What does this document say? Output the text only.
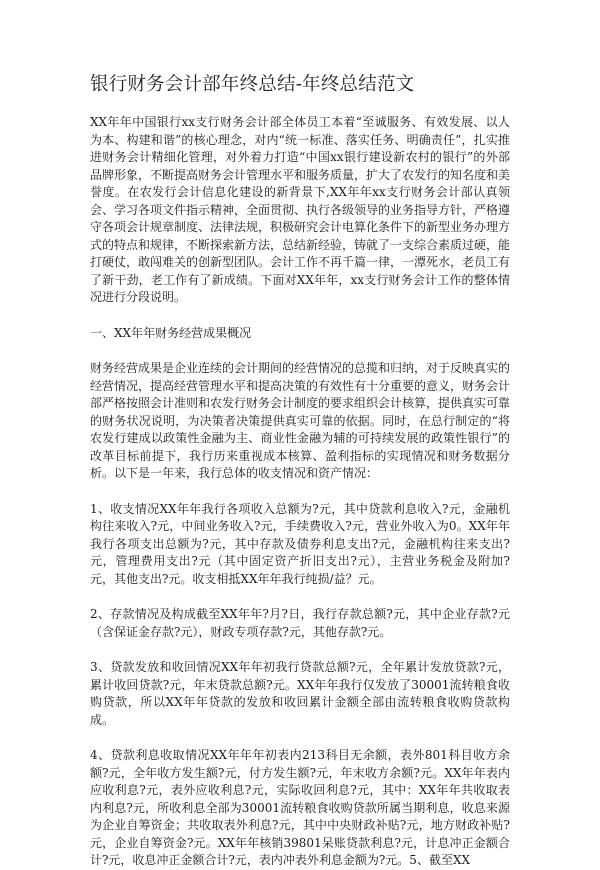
银行财务会计部年终总结-年终总结范文

XX年年中国银行xx支行财务会计部全体员工本着“至诚服务、有效发展、以人为本、构建和谐”的核心理念，对内“统一标准、落实任务、明确责任”，扎实推进财务会计精细化管理，对外着力打造“中国xx银行建设新农村的银行”的外部品牌形象，不断提高财务会计管理水平和服务质量，扩大了农发行的知名度和美誉度。在农发行会计信息化建设的新背景下,XX年年xx支行财务会计部认真领会、学习各项文件指示精神，全面贯彻、执行各级领导的业务指导方针，严格遵守各项会计规章制度、法律法规，积极研究会计电算化条件下的新型业务办理方式的特点和规律，不断探索新方法，总结新经验，铸就了一支综合素质过硬，能打硬仗，敢闯难关的创新型团队。会计工作不再千篇一律，一潭死水，老员工有了新干劲，老工作有了新成绩。下面对XX年年，xx支行财务会计工作的整体情况进行分段说明。

一、XX年年财务经营成果概况

财务经营成果是企业连续的会计期间的经营情况的总揽和归纳，对于反映真实的经营情况，提高经营管理水平和提高决策的有效性有十分重要的意义，财务会计部严格按照会计准则和农发行财务会计制度的要求组织会计核算，提供真实可靠的财务状况说明，为决策者决策提供真实可靠的依据。同时，在总行制定的“将农发行建成以政策性金融为主、商业性金融为辅的可持续发展的政策性银行”的改革目标前提下，我行历来重视成本核算、盈利指标的实现情况和财务数据分析。以下是一年来，我行总体的收支情况和资产情况：

1、收支情况XX年年我行各项收入总额为?元，其中贷款利息收入?元，金融机构往来收入?元，中间业务收入?元，手续费收入?元，营业外收入为0。XX年年我行各项支出总额为?元，其中存款及债券利息支出?元，金融机构往来支出?元，管理费用支出?元（其中固定资产折旧支出?元），主营业务税金及附加?元，其他支出?元。收支相抵XX年年我行纯损/益？元。

2、存款情况及构成截至XX年年?月?日，我行存款总额?元，其中企业存款?元（含保证金存款?元），财政专项存款?元，其他存款?元。

3、贷款发放和收回情况XX年年初我行贷款总额?元，全年累计发放贷款?元，累计收回贷款?元，年末贷款总额?元。XX年年我行仅发放了30001流转粮食收购贷款，所以XX年年贷款的发放和收回累计金额全部由流转粮食收购贷款构成。

4、贷款利息收取情况XX年年年初表内213科目无余额，表外801科目收方余额?元，全年收方发生额?元，付方发生额?元，年末收方余额?元。XX年年表内应收利息?元，表外应收利息?元，实际收回利息?元，其中：XX年年共收取表内利息?元，所收利息全部为30001流转粮食收购贷款所属当期利息，收息来源为企业自筹资金；共收取表外利息?元，其中中央财政补贴?元，地方财政补贴?元，企业自筹资金?元。XX年年核销39801呆账贷款利息?元，计息冲正金额合计?元，收息冲正金额合计?元，表内冲表外利息金额为?元。5、截至XX
